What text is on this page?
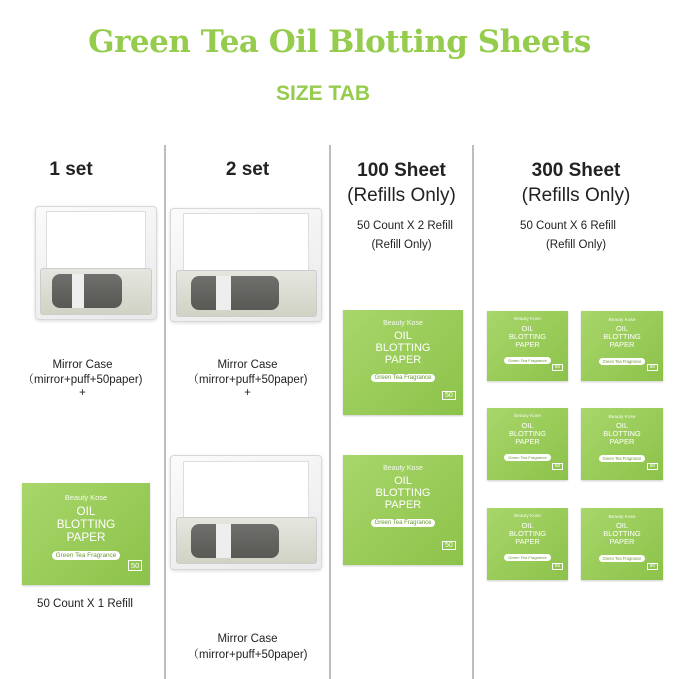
Green Tea Oil Blotting Sheets
SIZE TAB
1 set
Mirror Case
（mirror+puff+50paper)
+
50 Count X 1 Refill
2 set
Mirror Case
（mirror+puff+50paper)
+
Mirror Case
（mirror+puff+50paper)
100 Sheet
(Refills Only)
50 Count X 2 Refill
(Refill Only)
300 Sheet
(Refills Only)
50 Count X 6 Refill
(Refill Only)
Beauty Kose
OIL BLOTTING PAPER
Green Tea Fragrance
50
Beauty Kose
OIL BLOTTING PAPER
Green Tea Fragrance
50
Beauty Kose
OIL BLOTTING PAPER
Green Tea Fragrance
50
Beauty Kose
OIL BLOTTING PAPER
Green Tea Fragrance
50
Beauty Kose
OIL BLOTTING PAPER
Green Tea Fragrance
50
Beauty Kose
OIL BLOTTING PAPER
Green Tea Fragrance
50
Beauty Kose
OIL BLOTTING PAPER
Green Tea Fragrance
50
Beauty Kose
OIL BLOTTING PAPER
Green Tea Fragrance
50
Beauty Kose
OIL BLOTTING PAPER
Green Tea Fragrance
50
